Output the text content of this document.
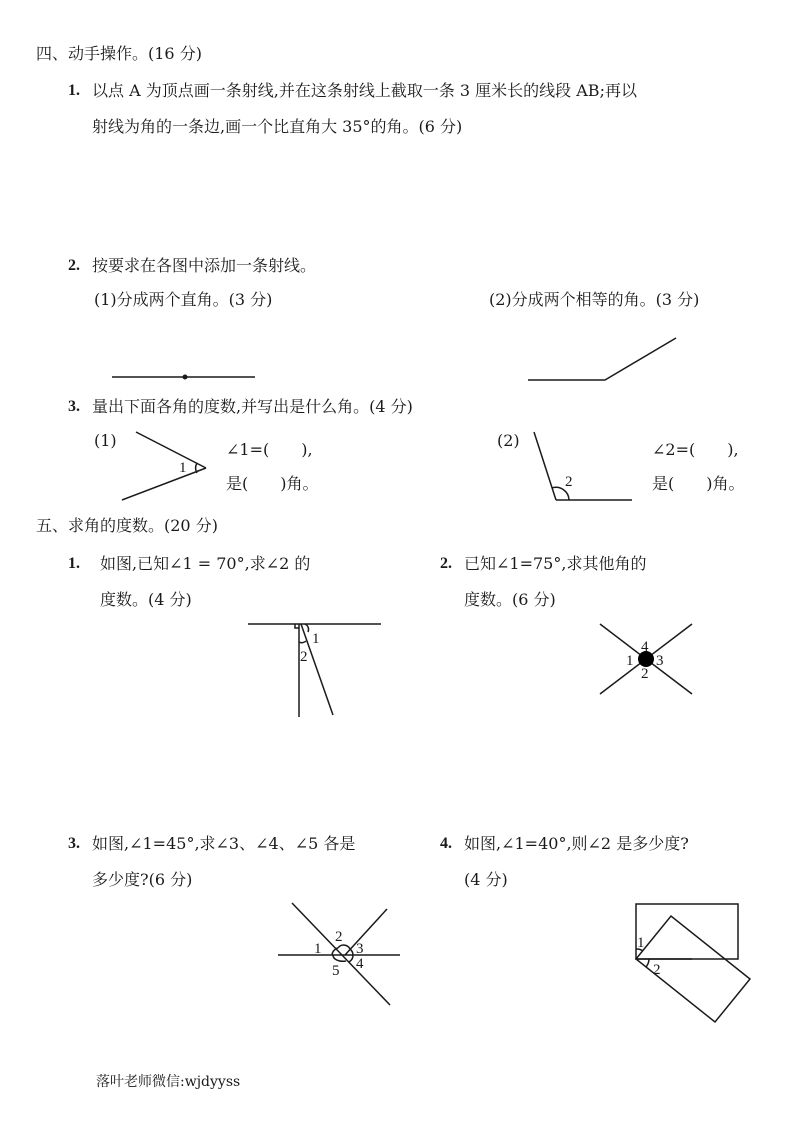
四、动手操作。(16 分)
1. 以点 A 为顶点画一条射线,并在这条射线上截取一条 3 厘米长的线段 AB;再以
射线为角的一条边,画一个比直角大 35°的角。(6 分)
2. 按要求在各图中添加一条射线。
(1)分成两个直角。(3 分)	(2)分成两个相等的角。(3 分)
3. 量出下面各角的度数,并写出是什么角。(4 分)
(1)
1
∠1=(　　),
是(　　)角。
(2)
2
∠2=(　　),
是(　　)角。
五、求角的度数。(20 分)
1. 如图,已知∠1 = 70°,求∠2 的
度数。(4 分)
2. 已知∠1=75°,求其他角的
度数。(6 分)
1
2
4
1 3
2
3. 如图,∠1=45°,求∠3、∠4、∠5 各是
多少度?(6 分)
4. 如图,∠1=40°,则∠2 是多少度?
(4 分)
1
2
3
4
5
1
2
落叶老师微信:wjdyyss
